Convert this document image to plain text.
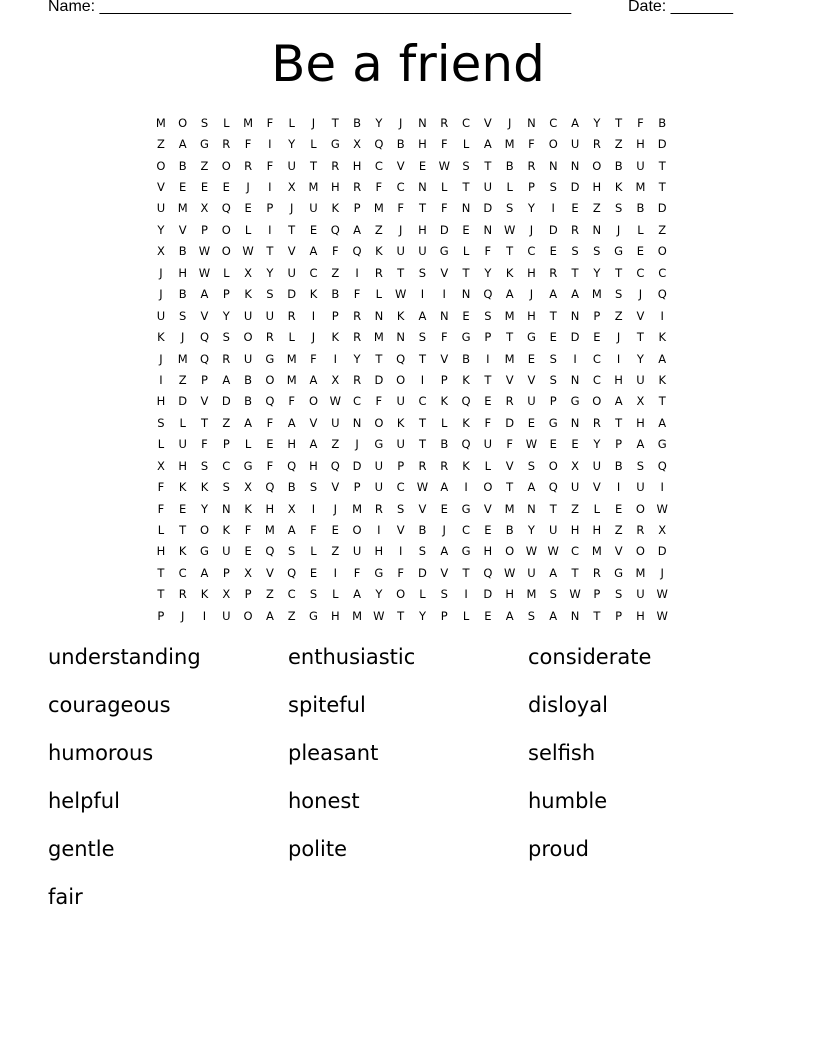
Name: _____________________________________________________	Date: _______
Be a friend
M	O	S	L	M	F	L	J	T	B	Y	J	N	R	C	V	J	N	C	A	Y	T	F	B
Z	A	G	R	F	I	Y	L	G	X	Q	B	H	F	L	A	M	F	O	U	R	Z	H	D
O	B	Z	O	R	F	U	T	R	H	C	V	E	W	S	T	B	R	N	N	O	B	U	T
V	E	E	E	J	I	X	M	H	R	F	C	N	L	T	U	L	P	S	D	H	K	M	T
U	M	X	Q	E	P	J	U	K	P	M	F	T	F	N	D	S	Y	I	E	Z	S	B	D
Y	V	P	O	L	I	T	E	Q	A	Z	J	H	D	E	N	W	J	D	R	N	J	L	Z
X	B	W	O	W	T	V	A	F	Q	K	U	U	G	L	F	T	C	E	S	S	G	E	O
J	H	W	L	X	Y	U	C	Z	I	R	T	S	V	T	Y	K	H	R	T	Y	T	C	C
J	B	A	P	K	S	D	K	B	F	L	W	I	I	N	Q	A	J	A	A	M	S	J	Q
U	S	V	Y	U	U	R	I	P	R	N	K	A	N	E	S	M	H	T	N	P	Z	V	I
K	J	Q	S	O	R	L	J	K	R	M	N	S	F	G	P	T	G	E	D	E	J	T	K
J	M	Q	R	U	G	M	F	I	Y	T	Q	T	V	B	I	M	E	S	I	C	I	Y	A
I	Z	P	A	B	O	M	A	X	R	D	O	I	P	K	T	V	V	S	N	C	H	U	K
H	D	V	D	B	Q	F	O	W	C	F	U	C	K	Q	E	R	U	P	G	O	A	X	T
S	L	T	Z	A	F	A	V	U	N	O	K	T	L	K	F	D	E	G	N	R	T	H	A
L	U	F	P	L	E	H	A	Z	J	G	U	T	B	Q	U	F	W	E	E	Y	P	A	G
X	H	S	C	G	F	Q	H	Q	D	U	P	R	R	K	L	V	S	O	X	U	B	S	Q
F	K	K	S	X	Q	B	S	V	P	U	C	W	A	I	O	T	A	Q	U	V	I	U	I
F	E	Y	N	K	H	X	I	J	M	R	S	V	E	G	V	M	N	T	Z	L	E	O	W
L	T	O	K	F	M	A	F	E	O	I	V	B	J	C	E	B	Y	U	H	H	Z	R	X
H	K	G	U	E	Q	S	L	Z	U	H	I	S	A	G	H	O	W W	C	M	V	O	D
T	C	A	P	X	V	Q	E	I	F	G	F	D	V	T	Q	W	U	A	T	R	G	M	J
T	R	K	X	P	Z	C	S	L	A	Y	O	L	S	I	D	H	M	S	W	P	S	U	W
P	J	I	U	O	A	Z	G	H	M W	T	Y	P	L	E	A	S	A	N	T	P	H	W
understanding	enthusiastic	considerate
courageous	spiteful	disloyal
humorous	pleasant	selfish
helpful	honest	humble
gentle	polite	proud
fair
